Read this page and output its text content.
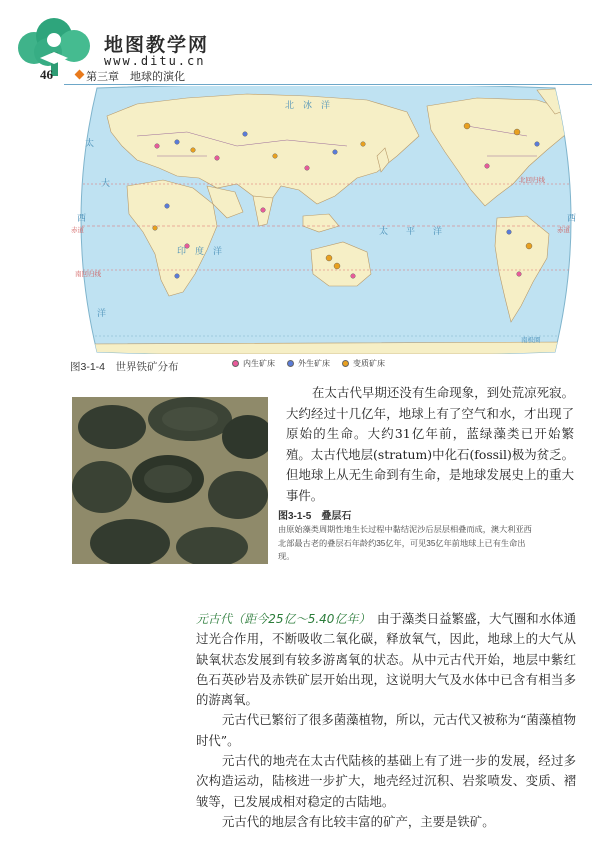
地图教学网
www.ditu.cn
46	第三章　地球的演化
北　冰　洋
太
太　　平　　洋
大
西	西
印　度　洋
洋
赤道	赤道
北回归线
南回归线
南极圈
图3-1-4　世界铁矿分布	内生矿床	外生矿床	变质矿床
在太古代早期还没有生命现象，到处荒凉死寂。大约经过十几亿年，地球上有了空气和水，才出现了原始的生命。大约31亿年前，蓝绿藻类已开始繁殖。太古代地层(stratum)中化石(fossil)极为贫乏。但地球上从无生命到有生命，是地球发展史上的重大事件。
图3-1-5　叠层石
由原始藻类周期性地生长过程中黏结泥沙后层层相叠而成，澳大利亚西北部最古老的叠层石年龄约35亿年，可见35亿年前地球上已有生命出现。

元古代（距今25亿～5.40亿年）　 由于藻类日益繁盛，大气圈和水体通过光合作用，不断吸收二氧化碳，释放氧气，因此，地球上的大气从缺氧状态发展到有较多游离氧的状态。从中元古代开始，地层中紫红色石英砂岩及赤铁矿层开始出现，这说明大气及水体中已含有相当多的游离氧。

元古代已繁衍了很多菌藻植物，所以，元古代又被称为“菌藻植物时代”。

元古代的地壳在太古代陆核的基础上有了进一步的发展，经过多次构造运动，陆核进一步扩大，地壳经过沉积、岩浆喷发、变质、褶皱等，已发展成相对稳定的古陆地。

元古代的地层含有比较丰富的矿产，主要是铁矿。
